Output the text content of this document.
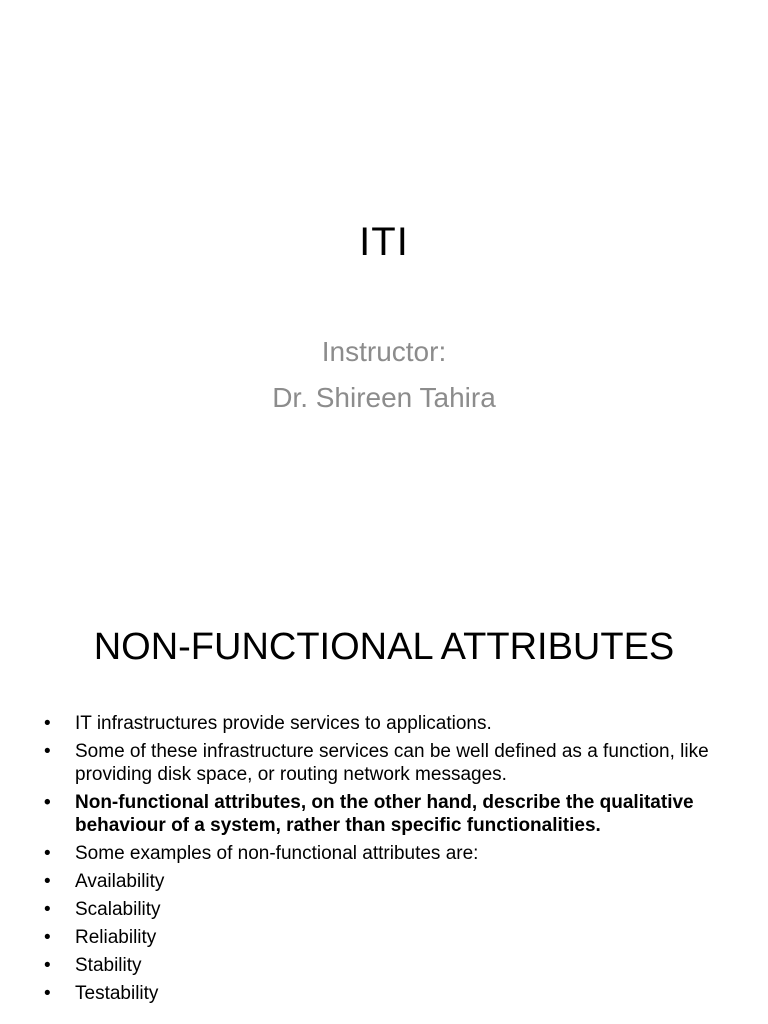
ITI
Instructor:
Dr. Shireen Tahira
NON-FUNCTIONAL ATTRIBUTES
•	IT infrastructures provide services to applications.
•	Some of these infrastructure services can be well defined as a function, like providing disk space, or routing network messages.
•	Non-functional attributes, on the other hand, describe the qualitative behaviour of a system, rather than specific functionalities.
•	Some examples of non-functional attributes are:
•	Availability
•	Scalability
•	Reliability
•	Stability
•	Testability
